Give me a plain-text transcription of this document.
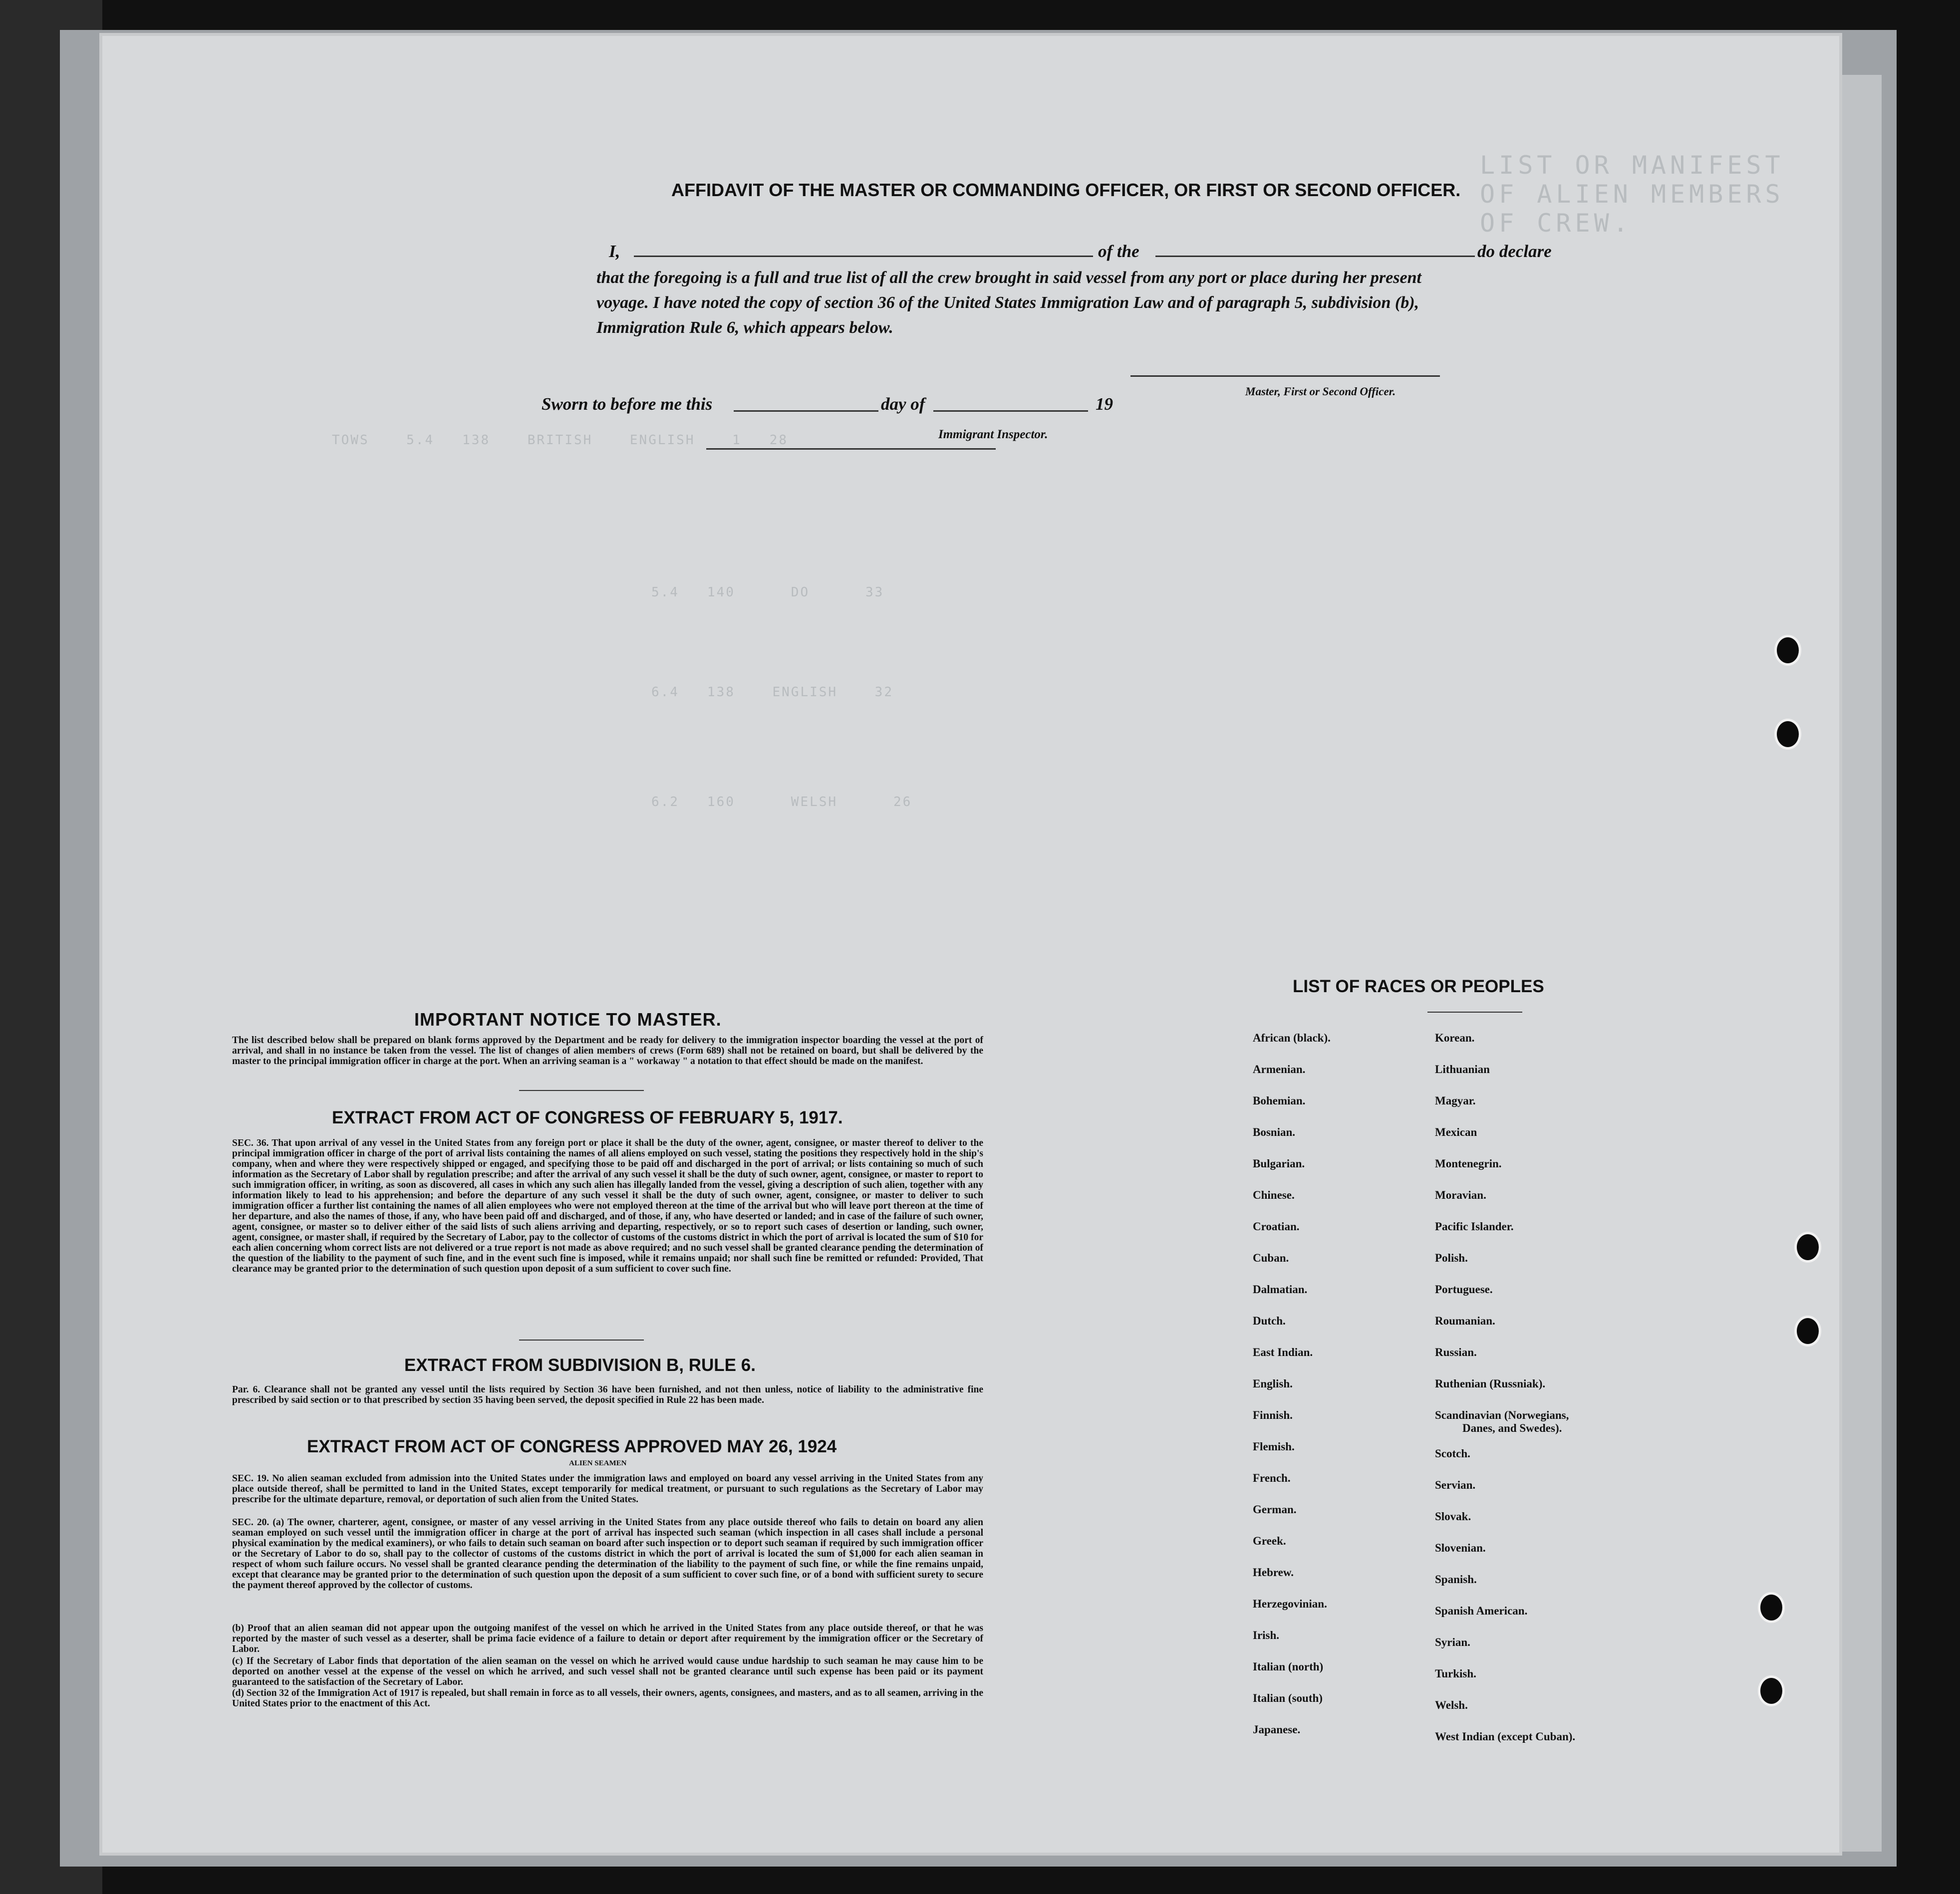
LIST OR MANIFEST OF ALIEN MEMBERS OF CREW.
AFFIDAVIT OF THE MASTER OR COMMANDING OFFICER, OR FIRST OR SECOND OFFICER.
I,	of the	do declare
that the foregoing is a full and true list of all the crew brought in said vessel from any port or place during her present
voyage. I have noted the copy of section 36 of the United States Immigration Law and of paragraph 5, subdivision (b),
Immigration Rule 6, which appears below.
Master, First or Second Officer.
Sworn to before me this	day of	19
Immigrant Inspector.
TOWS    5.4   138    BRITISH    ENGLISH    1   28
5.4   140      DO      33
6.4   138    ENGLISH    32
6.2   160      WELSH      26
IMPORTANT NOTICE TO MASTER.
The list described below shall be prepared on blank forms approved by the Department and be ready for delivery to the immigration inspector boarding the vessel at the port of arrival, and shall in no instance be taken from the vessel. The list of changes of alien members of crews (Form 689) shall not be retained on board, but shall be delivered by the master to the principal immigration officer in charge at the port. When an arriving seaman is a " workaway " a notation to that effect should be made on the manifest.
EXTRACT FROM ACT OF CONGRESS OF FEBRUARY 5, 1917.
SEC. 36. That upon arrival of any vessel in the United States from any foreign port or place it shall be the duty of the owner, agent, consignee, or master thereof to deliver to the principal immigration officer in charge of the port of arrival lists containing the names of all aliens employed on such vessel, stating the positions they respectively hold in the ship's company, when and where they were respectively shipped or engaged, and specifying those to be paid off and discharged in the port of arrival; or lists containing so much of such information as the Secretary of Labor shall by regulation prescribe; and after the arrival of any such vessel it shall be the duty of such owner, agent, consignee, or master to report to such immigration officer, in writing, as soon as discovered, all cases in which any such alien has illegally landed from the vessel, giving a description of such alien, together with any information likely to lead to his apprehension; and before the departure of any such vessel it shall be the duty of such owner, agent, consignee, or master to deliver to such immigration officer a further list containing the names of all alien employees who were not employed thereon at the time of the arrival but who will leave port thereon at the time of her departure, and also the names of those, if any, who have been paid off and discharged, and of those, if any, who have deserted or landed; and in case of the failure of such owner, agent, consignee, or master so to deliver either of the said lists of such aliens arriving and departing, respectively, or so to report such cases of desertion or landing, such owner, agent, consignee, or master shall, if required by the Secretary of Labor, pay to the collector of customs of the customs district in which the port of arrival is located the sum of $10 for each alien concerning whom correct lists are not delivered or a true report is not made as above required; and no such vessel shall be granted clearance pending the determination of the question of the liability to the payment of such fine, and in the event such fine is imposed, while it remains unpaid; nor shall such fine be remitted or refunded: Provided, That clearance may be granted prior to the determination of such question upon deposit of a sum sufficient to cover such fine.
EXTRACT FROM SUBDIVISION B, RULE 6.
Par. 6. Clearance shall not be granted any vessel until the lists required by Section 36 have been furnished, and not then unless, notice of liability to the administrative fine prescribed by said section or to that prescribed by section 35 having been served, the deposit specified in Rule 22 has been made.
EXTRACT FROM ACT OF CONGRESS APPROVED MAY 26, 1924
ALIEN SEAMEN
SEC. 19. No alien seaman excluded from admission into the United States under the immigration laws and employed on board any vessel arriving in the United States from any place outside thereof, shall be permitted to land in the United States, except temporarily for medical treatment, or pursuant to such regulations as the Secretary of Labor may prescribe for the ultimate departure, removal, or deportation of such alien from the United States.
SEC. 20. (a) The owner, charterer, agent, consignee, or master of any vessel arriving in the United States from any place outside thereof who fails to detain on board any alien seaman employed on such vessel until the immigration officer in charge at the port of arrival has inspected such seaman (which inspection in all cases shall include a personal physical examination by the medical examiners), or who fails to detain such seaman on board after such inspection or to deport such seaman if required by such immigration officer or the Secretary of Labor to do so, shall pay to the collector of customs of the customs district in which the port of arrival is located the sum of $1,000 for each alien seaman in respect of whom such failure occurs. No vessel shall be granted clearance pending the determination of the liability to the payment of such fine, or while the fine remains unpaid, except that clearance may be granted prior to the determination of such question upon the deposit of a sum sufficient to cover such fine, or of a bond with sufficient surety to secure the payment thereof approved by the collector of customs.
(b) Proof that an alien seaman did not appear upon the outgoing manifest of the vessel on which he arrived in the United States from any place outside thereof, or that he was reported by the master of such vessel as a deserter, shall be prima facie evidence of a failure to detain or deport after requirement by the immigration officer or the Secretary of Labor.
(c) If the Secretary of Labor finds that deportation of the alien seaman on the vessel on which he arrived would cause undue hardship to such seaman he may cause him to be deported on another vessel at the expense of the vessel on which he arrived, and such vessel shall not be granted clearance until such expense has been paid or its payment guaranteed to the satisfaction of the Secretary of Labor.
(d) Section 32 of the Immigration Act of 1917 is repealed, but shall remain in force as to all vessels, their owners, agents, consignees, and masters, and as to all seamen, arriving in the United States prior to the enactment of this Act.
LIST OF RACES OR PEOPLES
African (black).
Armenian.
Bohemian.
Bosnian.
Bulgarian.
Chinese.
Croatian.
Cuban.
Dalmatian.
Dutch.
East Indian.
English.
Finnish.
Flemish.
French.
German.
Greek.
Hebrew.
Herzegovinian.
Irish.
Italian (north)
Italian (south)
Japanese.
Korean.
Lithuanian
Magyar.
Mexican
Montenegrin.
Moravian.
Pacific Islander.
Polish.
Portuguese.
Roumanian.
Russian.
Ruthenian (Russniak).
Scandinavian (Norwegians,
Scotch.
Servian.
Slovak.
Slovenian.
Spanish.
Spanish American.
Syrian.
Turkish.
Welsh.
West Indian (except Cuban).
Danes, and Swedes).
